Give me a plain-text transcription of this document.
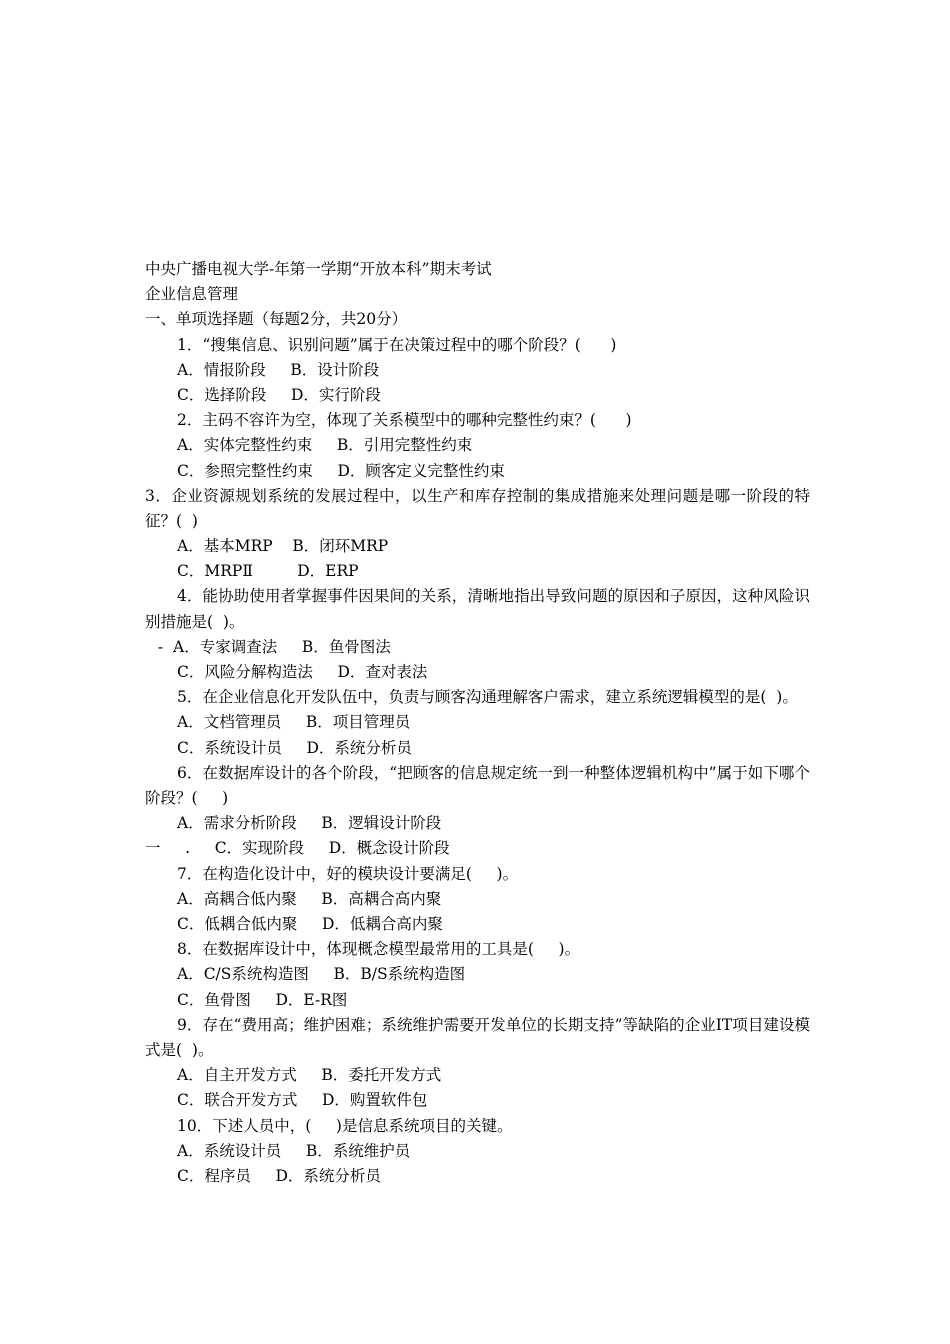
中央广播电视大学-年第一学期“开放本科”期末考试
企业信息管理
一、单项选择题（每题2分，共20分）
1．“搜集信息、识别问题”属于在决策过程中的哪个阶段？(      )
A．情报阶段     B．设计阶段
C．选择阶段     D．实行阶段
2．主码不容许为空，体现了关系模型中的哪种完整性约束？(      )
A．实体完整性约束     B．引用完整性约束
C．参照完整性约束     D．顾客定义完整性约束
3．企业资源规划系统的发展过程中，以生产和库存控制的集成措施来处理问题是哪一阶段的特征？(  )
A．基本MRP    B．闭环MRP
C．MRPⅡ         D．ERP
4．能协助使用者掌握事件因果间的关系，清晰地指出导致问题的原因和子原因，这种风险识别措施是(  )。
-  A．专家调查法     B．鱼骨图法
C．风险分解构造法     D．查对表法
5．在企业信息化开发队伍中，负责与顾客沟通理解客户需求，建立系统逻辑模型的是(  )。
A．文档管理员     B．项目管理员
C．系统设计员     D．系统分析员
6．在数据库设计的各个阶段，“把顾客的信息规定统一到一种整体逻辑机构中”属于如下哪个阶段？(     )
A．需求分析阶段     B．逻辑设计阶段
一     .     C．实现阶段     D．概念设计阶段
7．在构造化设计中，好的模块设计要满足(     )。
A．高耦合低内聚     B．高耦合高内聚
C．低耦合低内聚     D．低耦合高内聚
8．在数据库设计中，体现概念模型最常用的工具是(     )。
A．C/S系统构造图     B．B/S系统构造图
C．鱼骨图     D．E-R图
9．存在“费用高；维护困难；系统维护需要开发单位的长期支持”等缺陷的企业IT项目建设模式是(  )。
A．自主开发方式     B．委托开发方式
C．联合开发方式     D．购置软件包
10．下述人员中，(     )是信息系统项目的关键。
A．系统设计员     B．系统维护员
C．程序员     D．系统分析员
